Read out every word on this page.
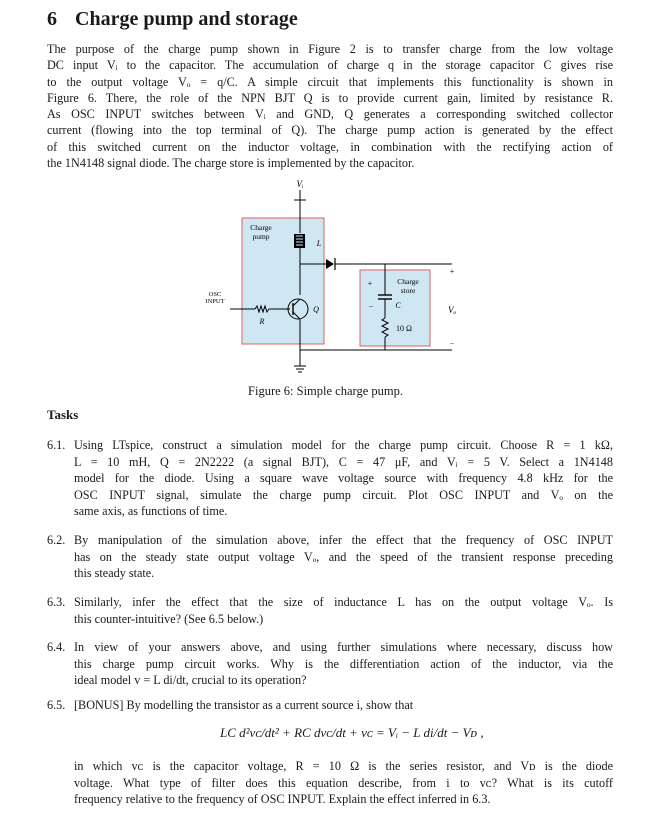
6 Charge pump and storage
The purpose of the charge pump shown in Figure 2 is to transfer charge from the low voltage
DC input Vᵢ to the capacitor. The accumulation of charge q in the storage capacitor C gives rise
to the output voltage Vₒ = q/C. A simple circuit that implements this functionality is shown in
Figure 6. There, the role of the NPN BJT Q is to provide current gain, limited by resistance R.
As OSC INPUT switches between Vᵢ and GND, Q generates a corresponding switched collector
current (flowing into the top terminal of Q). The charge pump action is generated by the effect
of this switched current on the inductor voltage, in combination with the rectifying action of
the 1N4148 signal diode. The charge store is implemented by the capacitor.
Vᵢ
Charge
pump
L
OSC
INPUT
R
Q
Charge
store
+
−	C
10 Ω
+
Vₒ
−
Figure 6: Simple charge pump.
Tasks
6.1. Using LTspice, construct a simulation model for the charge pump circuit. Choose R = 1 kΩ,
L = 10 mH, Q = 2N2222 (a signal BJT), C = 47 μF, and Vᵢ = 5 V. Select a 1N4148
model for the diode. Using a square wave voltage source with frequency 4.8 kHz for the
OSC INPUT signal, simulate the charge pump circuit. Plot OSC INPUT and Vₒ on the
same axis, as functions of time.
6.2. By manipulation of the simulation above, infer the effect that the frequency of OSC INPUT
has on the steady state output voltage Vₒ, and the speed of the transient response preceding
this steady state.
6.3. Similarly, infer the effect that the size of inductance L has on the output voltage Vₒ. Is
this counter-intuitive? (See 6.5 below.)
6.4. In view of your answers above, and using further simulations where necessary, discuss how
this charge pump circuit works. Why is the differentiation action of the inductor, via the
ideal model v = L di/dt, crucial to its operation?
6.5. [BONUS] By modelling the transistor as a current source i, show that
LC d²vᴄ/dt² + RC dvᴄ/dt + vᴄ = Vᵢ − L di/dt − Vᴅ ,
in which vᴄ is the capacitor voltage, R = 10 Ω is the series resistor, and Vᴅ is the diode
voltage. What type of filter does this equation describe, from i to vᴄ? What is its cutoff
frequency relative to the frequency of OSC INPUT. Explain the effect inferred in 6.3.
